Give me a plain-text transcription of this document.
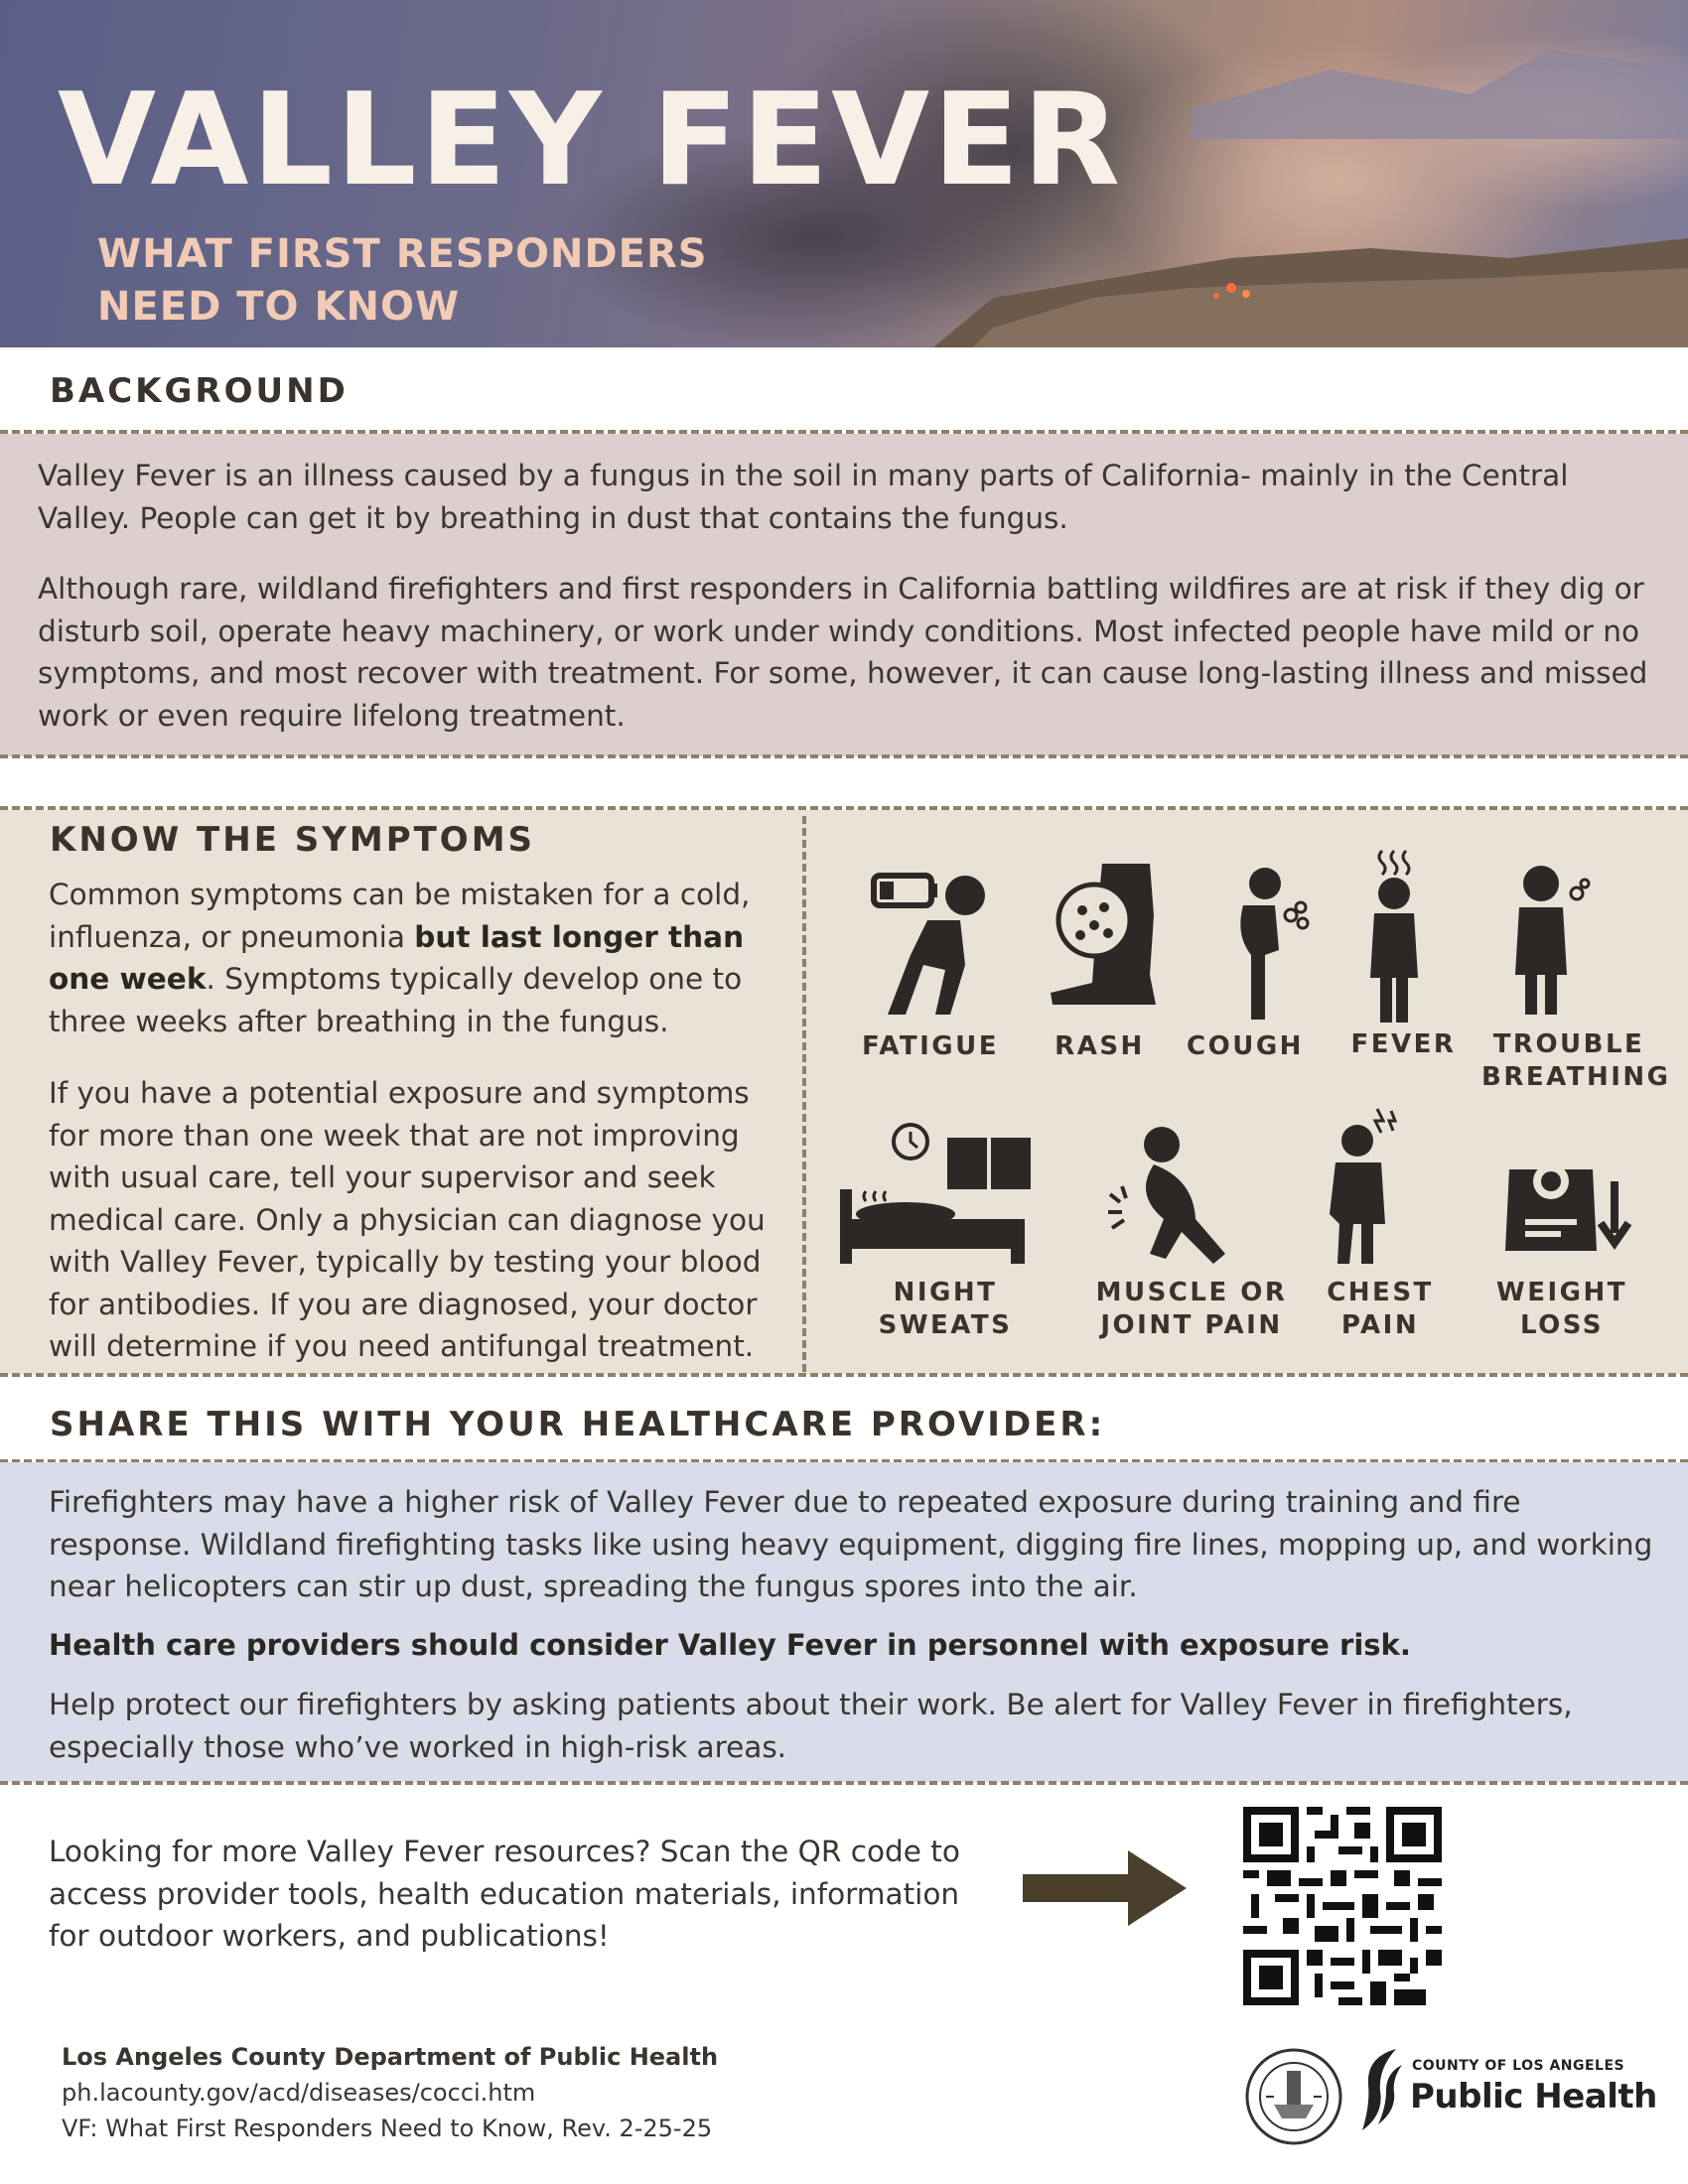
VALLEY FEVER
WHAT FIRST RESPONDERS NEED TO KNOW
BACKGROUND
Valley Fever is an illness caused by a fungus in the soil in many parts of California- mainly in the Central Valley. People can get it by breathing in dust that contains the fungus.
Although rare, wildland firefighters and first responders in California battling wildfires are at risk if they dig or disturb soil, operate heavy machinery, or work under windy conditions. Most infected people have mild or no symptoms, and most recover with treatment. For some, however, it can cause long-lasting illness and missed work or even require lifelong treatment.
KNOW THE SYMPTOMS
Common symptoms can be mistaken for a cold, influenza, or pneumonia but last longer than one week. Symptoms typically develop one to three weeks after breathing in the fungus.
If you have a potential exposure and symptoms for more than one week that are not improving with usual care, tell your supervisor and seek medical care. Only a physician can diagnose you with Valley Fever, typically by testing your blood for antibodies. If you are diagnosed, your doctor will determine if you need antifungal treatment.
FATIGUE	RASH	COUGH	FEVER	TROUBLE BREATHING
NIGHT SWEATS
MUSCLE OR JOINT PAIN
CHEST PAIN
WEIGHT LOSS
SHARE THIS WITH YOUR HEALTHCARE PROVIDER:
Firefighters may have a higher risk of Valley Fever due to repeated exposure during training and fire response. Wildland firefighting tasks like using heavy equipment, digging fire lines, mopping up, and working near helicopters can stir up dust, spreading the fungus spores into the air.
Health care providers should consider Valley Fever in personnel with exposure risk.
Help protect our firefighters by asking patients about their work. Be alert for Valley Fever in firefighters, especially those who’ve worked in high-risk areas.
Looking for more Valley Fever resources? Scan the QR code to access provider tools, health education materials, information for outdoor workers, and publications!
Los Angeles County Department of Public Health
ph.lacounty.gov/acd/diseases/cocci.htm
VF: What First Responders Need to Know, Rev. 2-25-25
COUNTY OF LOS ANGELES
Public Health
